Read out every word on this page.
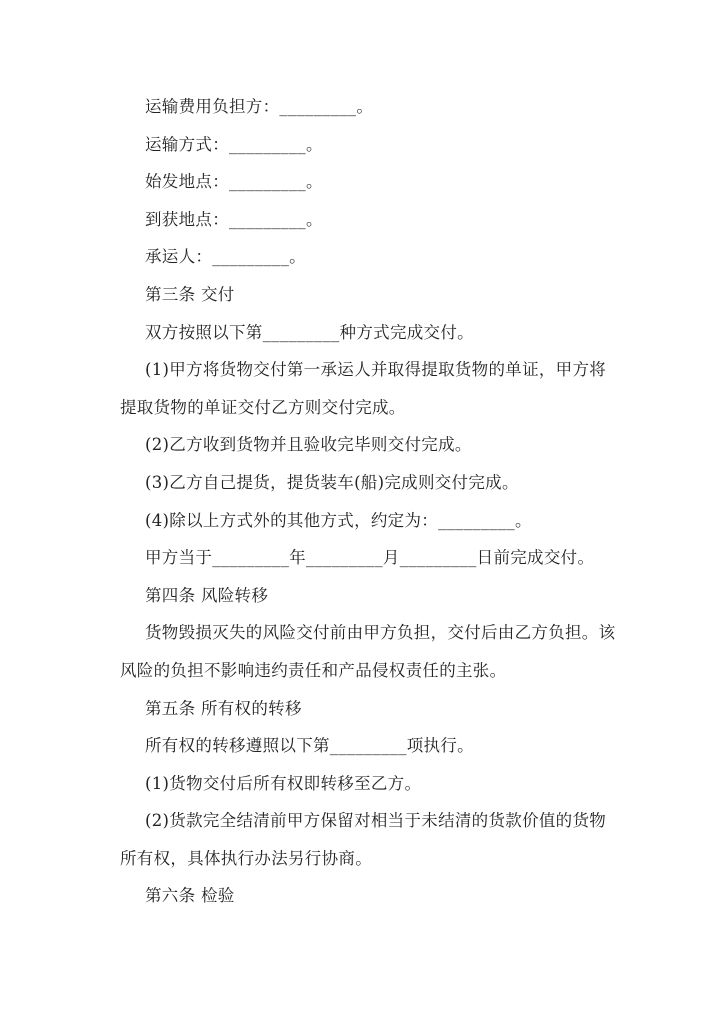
运输费用负担方：_________。
运输方式：_________。
始发地点：_________。
到获地点：_________。
承运人：_________。
第三条 交付
双方按照以下第_________种方式完成交付。
(1)甲方将货物交付第一承运人并取得提取货物的单证，甲方将
提取货物的单证交付乙方则交付完成。
(2)乙方收到货物并且验收完毕则交付完成。
(3)乙方自己提货，提货装车(船)完成则交付完成。
(4)除以上方式外的其他方式，约定为：_________。
甲方当于_________年_________月_________日前完成交付。
第四条 风险转移
货物毁损灭失的风险交付前由甲方负担，交付后由乙方负担。该
风险的负担不影响违约责任和产品侵权责任的主张。
第五条 所有权的转移
所有权的转移遵照以下第_________项执行。
(1)货物交付后所有权即转移至乙方。
(2)货款完全结清前甲方保留对相当于未结清的货款价值的货物
所有权，具体执行办法另行协商。
第六条 检验
